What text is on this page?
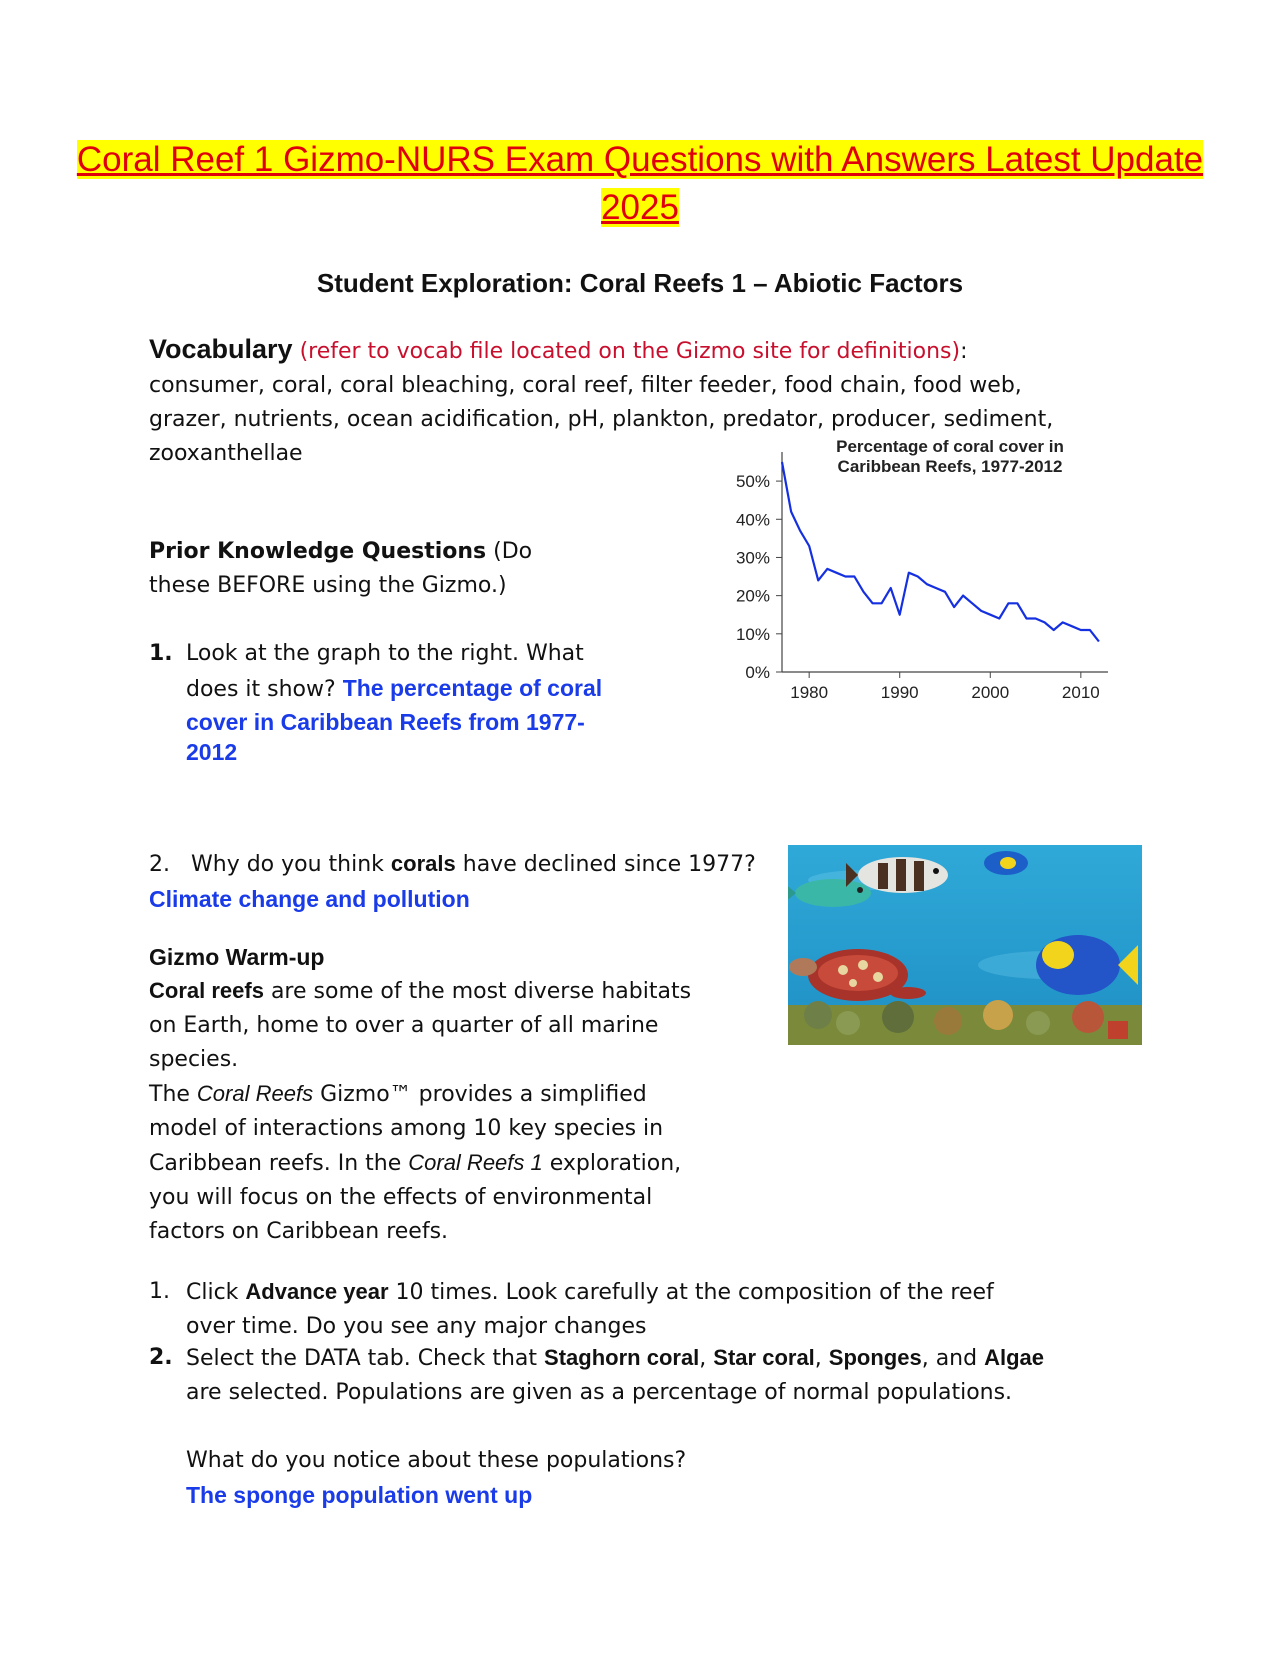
Coral Reef 1 Gizmo-NURS Exam Questions with Answers Latest Update
2025
Student Exploration: Coral Reefs 1 – Abiotic Factors
Vocabulary (refer to vocab file located on the Gizmo site for definitions):
consumer, coral, coral bleaching, coral reef, filter feeder, food chain, food web,
grazer, nutrients, ocean acidification, pH, plankton, predator, producer, sediment,
zooxanthellae
Prior Knowledge Questions (Do
these BEFORE using the Gizmo.)
1. Look at the graph to the right. What
does it show? The percentage of coral
cover in Caribbean Reefs from 1977-
2012
0%
10%
20%
30%
40%
50%
1980	1990	2000	2010
Percentage of coral cover in
Caribbean Reefs, 1977-2012
2. Why do you think corals have declined since 1977?
Climate change and pollution
Gizmo Warm-up
Coral reefs are some of the most diverse habitats
on Earth, home to over a quarter of all marine
species.
The Coral Reefs Gizmo™ provides a simplified
model of interactions among 10 key species in
Caribbean reefs. In the Coral Reefs 1 exploration,
you will focus on the effects of environmental
factors on Caribbean reefs.
1. Click Advance year 10 times. Look carefully at the composition of the reef
over time. Do you see any major changes
2. Select the DATA tab. Check that Staghorn coral, Star coral, Sponges, and Algae
are selected. Populations are given as a percentage of normal populations.
What do you notice about these populations?
The sponge population went up
